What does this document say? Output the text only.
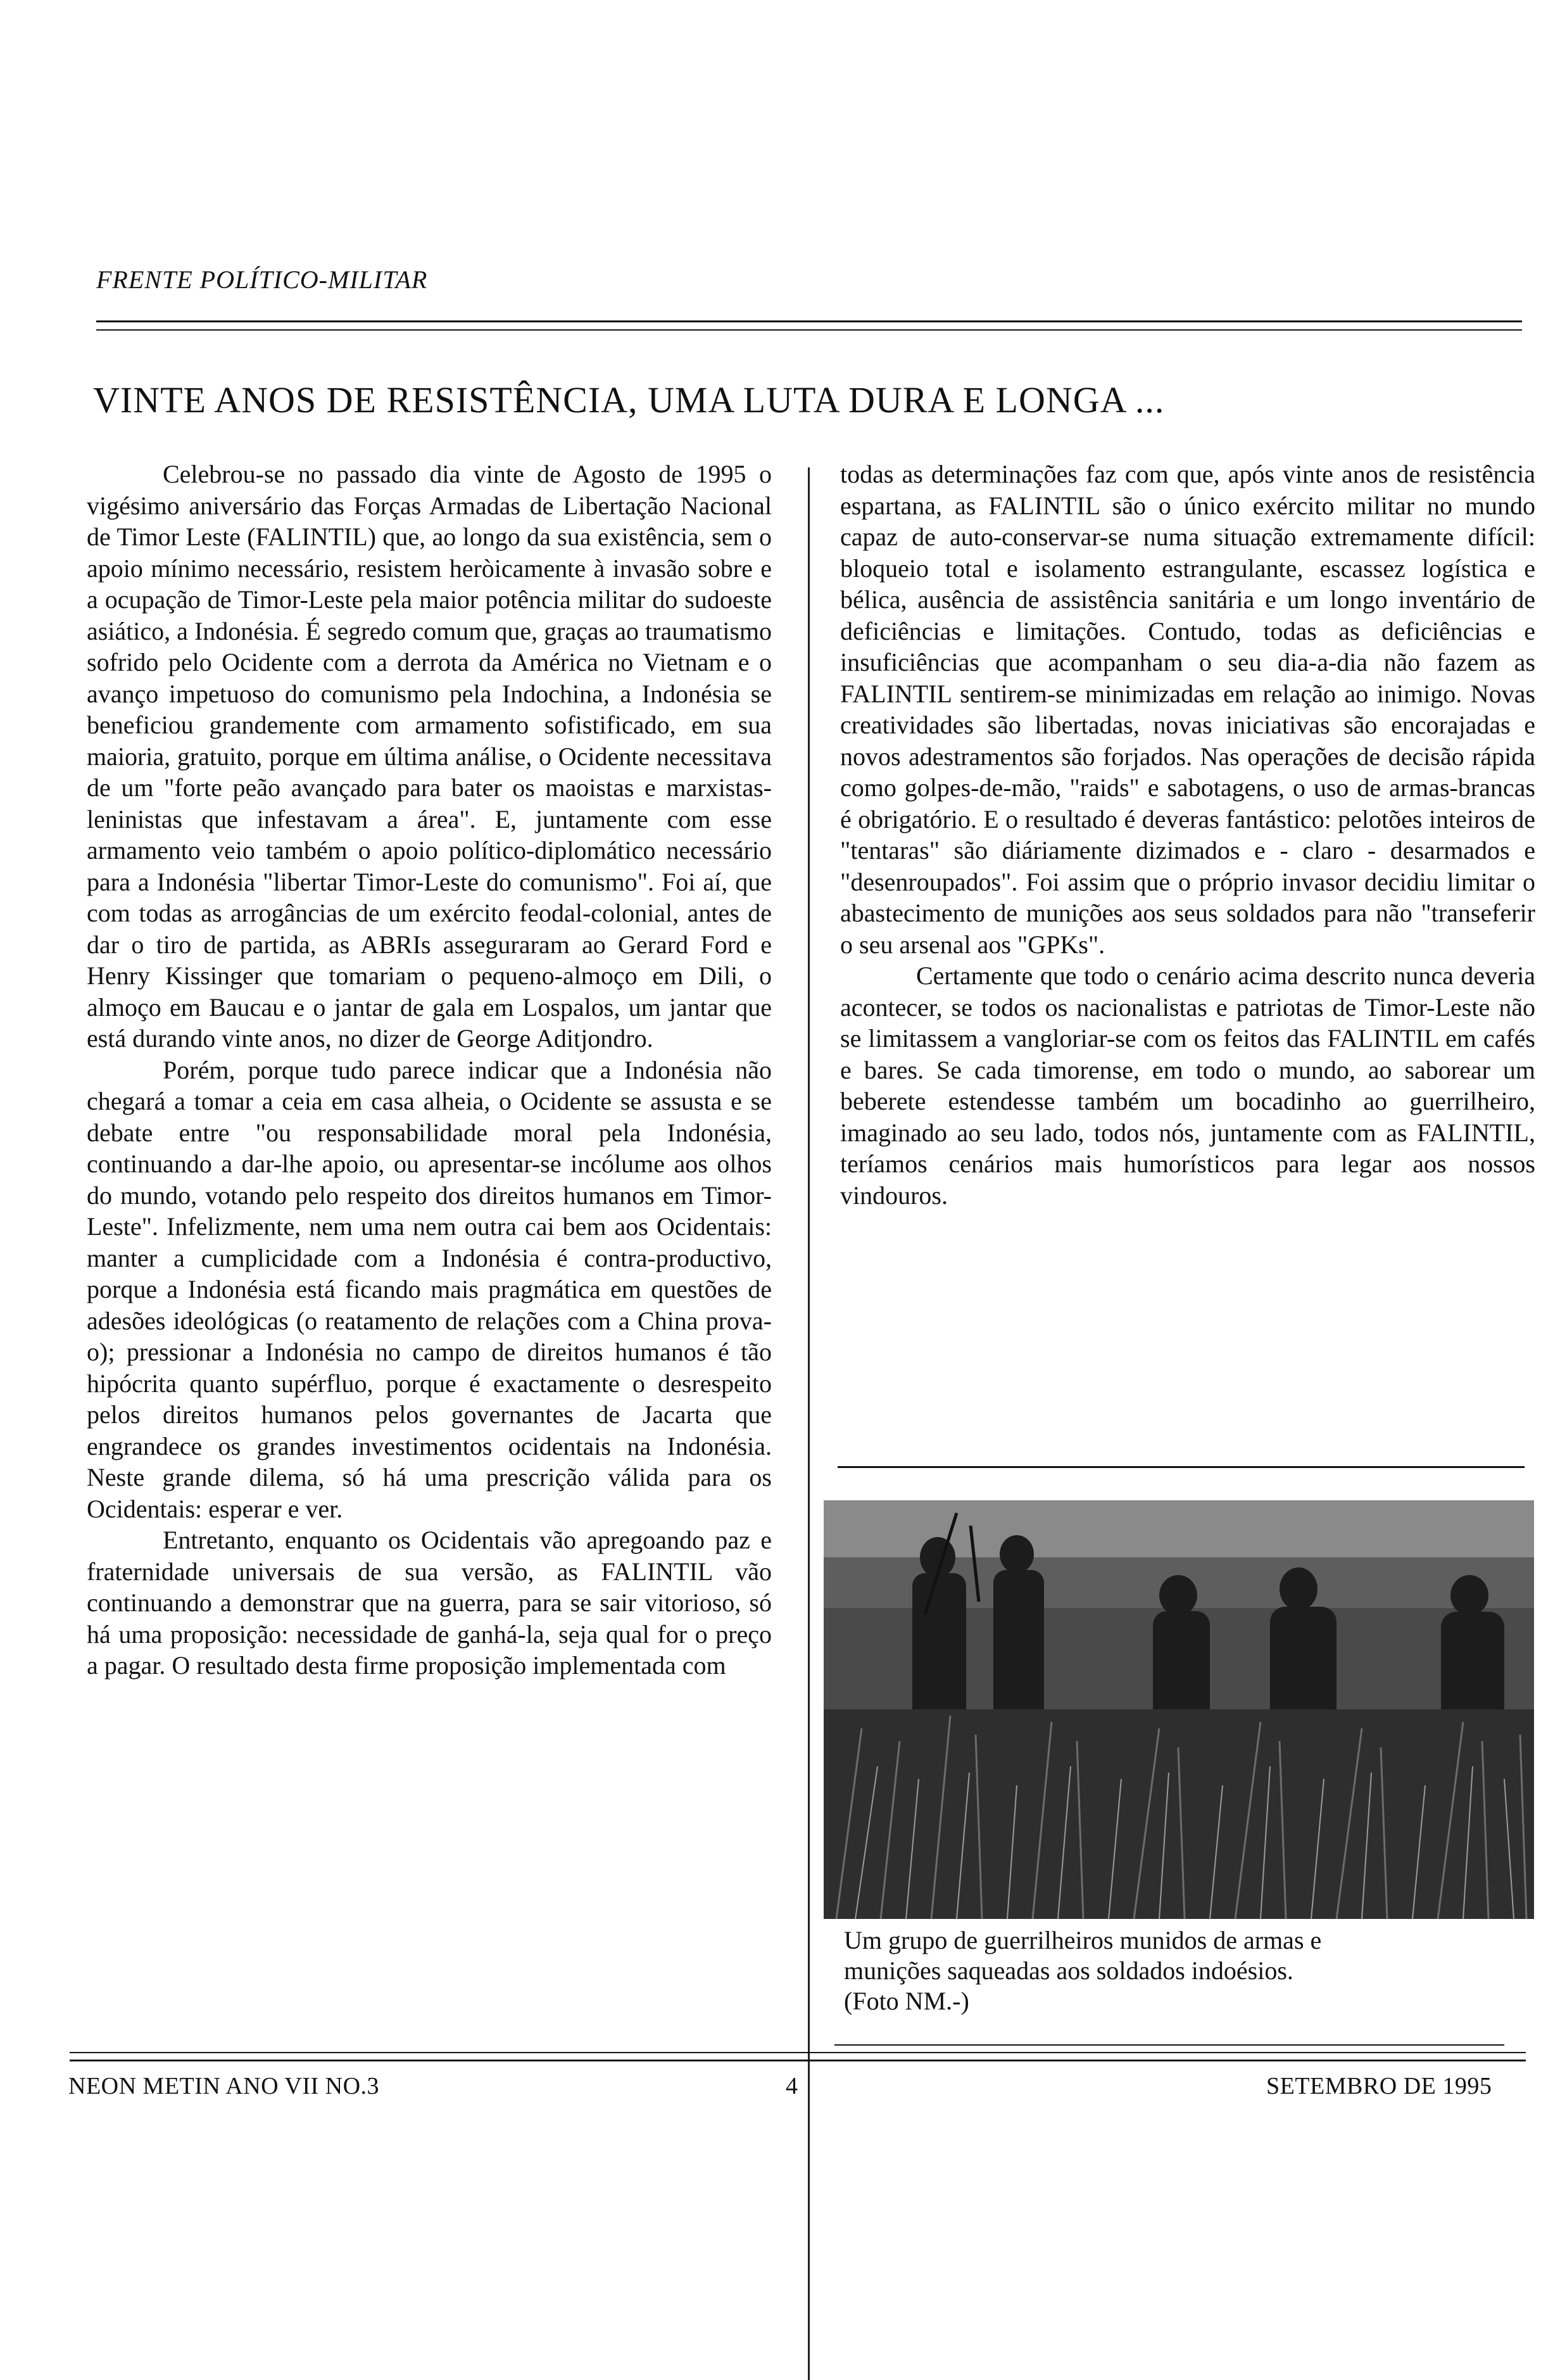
FRENTE POLÍTICO-MILITAR
VINTE ANOS DE RESISTÊNCIA, UMA LUTA DURA E LONGA ...

Celebrou-se no passado dia vinte de Agosto de 1995 o vigésimo aniversário das Forças Armadas de Libertação Nacional de Timor Leste (FALINTIL) que, ao longo da sua existência, sem o apoio mínimo necessário, resistem heròicamente à invasão sobre e a ocupação de Timor-Leste pela maior potência militar do sudoeste asiático, a Indonésia. É segredo comum que, graças ao traumatismo sofrido pelo Ocidente com a derrota da América no Vietnam e o avanço impetuoso do comunismo pela Indochina, a Indonésia se beneficiou grandemente com armamento sofistificado, em sua maioria, gratuito, porque em última análise, o Ocidente necessitava de um "forte peão avançado para bater os maoistas e marxistas-leninistas que infestavam a área". E, juntamente com esse armamento veio também o apoio político-diplomático necessário para a Indonésia "libertar Timor-Leste do comunismo". Foi aí, que com todas as arrogâncias de um exército feodal-colonial, antes de dar o tiro de partida, as ABRIs asseguraram ao Gerard Ford e Henry Kissinger que tomariam o pequeno-almoço em Dili, o almoço em Baucau e o jantar de gala em Lospalos, um jantar que está durando vinte anos, no dizer de George Aditjondro.

Porém, porque tudo parece indicar que a Indonésia não chegará a tomar a ceia em casa alheia, o Ocidente se assusta e se debate entre "ou responsabilidade moral pela Indonésia, continuando a dar-lhe apoio, ou apresentar-se incólume aos olhos do mundo, votando pelo respeito dos direitos humanos em Timor-Leste". Infelizmente, nem uma nem outra cai bem aos Ocidentais: manter a cumplicidade com a Indonésia é contra-productivo, porque a Indonésia está ficando mais pragmática em questões de adesões ideológicas (o reatamento de relações com a China prova-o); pressionar a Indonésia no campo de direitos humanos é tão hipócrita quanto supérfluo, porque é exactamente o desrespeito pelos direitos humanos pelos governantes de Jacarta que engrandece os grandes investimentos ocidentais na Indonésia. Neste grande dilema, só há uma prescrição válida para os Ocidentais: esperar e ver.

Entretanto, enquanto os Ocidentais vão apregoando paz e fraternidade universais de sua versão, as FALINTIL vão continuando a demonstrar que na guerra, para se sair vitorioso, só há uma proposição: necessidade de ganhá-la, seja qual for o preço a pagar. O resultado desta firme proposição implementada com

todas as determinações faz com que, após vinte anos de resistência espartana, as FALINTIL são o único exército militar no mundo capaz de auto-conservar-se numa situação extremamente difícil: bloqueio total e isolamento estrangulante, escassez logística e bélica, ausência de assistência sanitária e um longo inventário de deficiências e limitações. Contudo, todas as deficiências e insuficiências que acompanham o seu dia-a-dia não fazem as FALINTIL sentirem-se minimizadas em relação ao inimigo. Novas creatividades são libertadas, novas iniciativas são encorajadas e novos adestramentos são forjados. Nas operações de decisão rápida como golpes-de-mão, "raids" e sabotagens, o uso de armas-brancas é obrigatório. E o resultado é deveras fantástico: pelotões inteiros de "tentaras" são diáriamente dizimados e - claro - desarmados e "desenroupados". Foi assim que o próprio invasor decidiu limitar o abastecimento de munições aos seus soldados para não "transeferir o seu arsenal aos "GPKs".

Certamente que todo o cenário acima descrito nunca deveria acontecer, se todos os nacionalistas e patriotas de Timor-Leste não se limitassem a vangloriar-se com os feitos das FALINTIL em cafés e bares. Se cada timorense, em todo o mundo, ao saborear um beberete estendesse também um bocadinho ao guerrilheiro, imaginado ao seu lado, todos nós, juntamente com as FALINTIL, teríamos cenários mais humorísticos para legar aos nossos vindouros.

Um grupo de guerrilheiros munidos de armas e

munições saqueadas aos soldados indoésios.

(Foto NM.-)

NEON METIN ANO VII NO.3	4	SETEMBRO DE 1995
